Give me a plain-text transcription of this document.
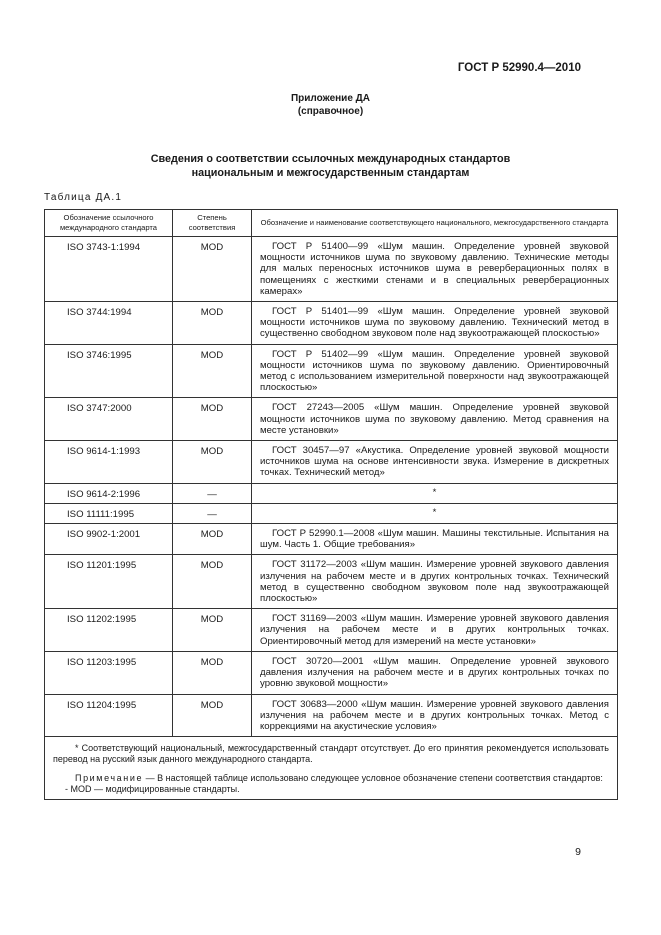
ГОСТ Р 52990.4—2010
Приложение ДА
(справочное)
Сведения о соответствии ссылочных международных стандартов
национальным и межгосударственным стандартам
Таблица ДА.1
Обозначение ссылочного международного стандарта	Степень соответствия	Обозначение и наименование соответствующего национального, межгосударственного стандарта
ISO 3743-1:1994	MOD	ГОСТ Р 51400—99 «Шум машин. Определение уровней звуковой мощности источников шума по звуковому давлению. Технические методы для малых переносных источников шума в реверберационных полях в помещениях с жесткими стенами и в специальных реверберационных камерах»
ISO 3744:1994	MOD	ГОСТ Р 51401—99 «Шум машин. Определение уровней звуковой мощности источников шума по звуковому давлению. Технический метод в существенно свободном звуковом поле над звукоотражающей плоскостью»
ISO 3746:1995	MOD	ГОСТ Р 51402—99 «Шум машин. Определение уровней звуковой мощности источников шума по звуковому давлению. Ориентировочный метод с использованием измерительной поверхности над звукоотражающей плоскостью»
ISO 3747:2000	MOD	ГОСТ 27243—2005 «Шум машин. Определение уровней звуковой мощности источников шума по звуковому давлению. Метод сравнения на месте установки»
ISO 9614-1:1993	MOD	ГОСТ 30457—97 «Акустика. Определение уровней звуковой мощности источников шума на основе интенсивности звука. Измерение в дискретных точках. Технический метод»
ISO 9614-2:1996	—	*
ISO 11111:1995	—	*
ISO 9902-1:2001	MOD	ГОСТ Р 52990.1—2008 «Шум машин. Машины текстильные. Испытания на шум. Часть 1. Общие требования»
ISO 11201:1995	MOD	ГОСТ 31172—2003 «Шум машин. Измерение уровней звукового давления излучения на рабочем месте и в других контрольных точках. Технический метод в существенно свободном звуковом поле над звукоотражающей плоскостью»
ISO 11202:1995	MOD	ГОСТ 31169—2003 «Шум машин. Измерение уровней звукового давления излучения на рабочем месте и в других контрольных точках. Ориентировочный метод для измерений на месте установки»
ISO 11203:1995	MOD	ГОСТ 30720—2001 «Шум машин. Определение уровней звукового давления излучения на рабочем месте и в других контрольных точках по уровню звуковой мощности»
ISO 11204:1995	MOD	ГОСТ 30683—2000 «Шум машин. Измерение уровней звукового давления излучения на рабочем месте и в других контрольных точках. Метод с коррекциями на акустические условия»

* Соответствующий национальный, межгосударственный стандарт отсутствует. До его принятия рекомендуется использовать перевод на русский язык данного международного стандарта.

Примечание — В настоящей таблице использовано следующее условное обозначение степени соответствия стандартов:

- MOD — модифицированные стандарты.		

9
